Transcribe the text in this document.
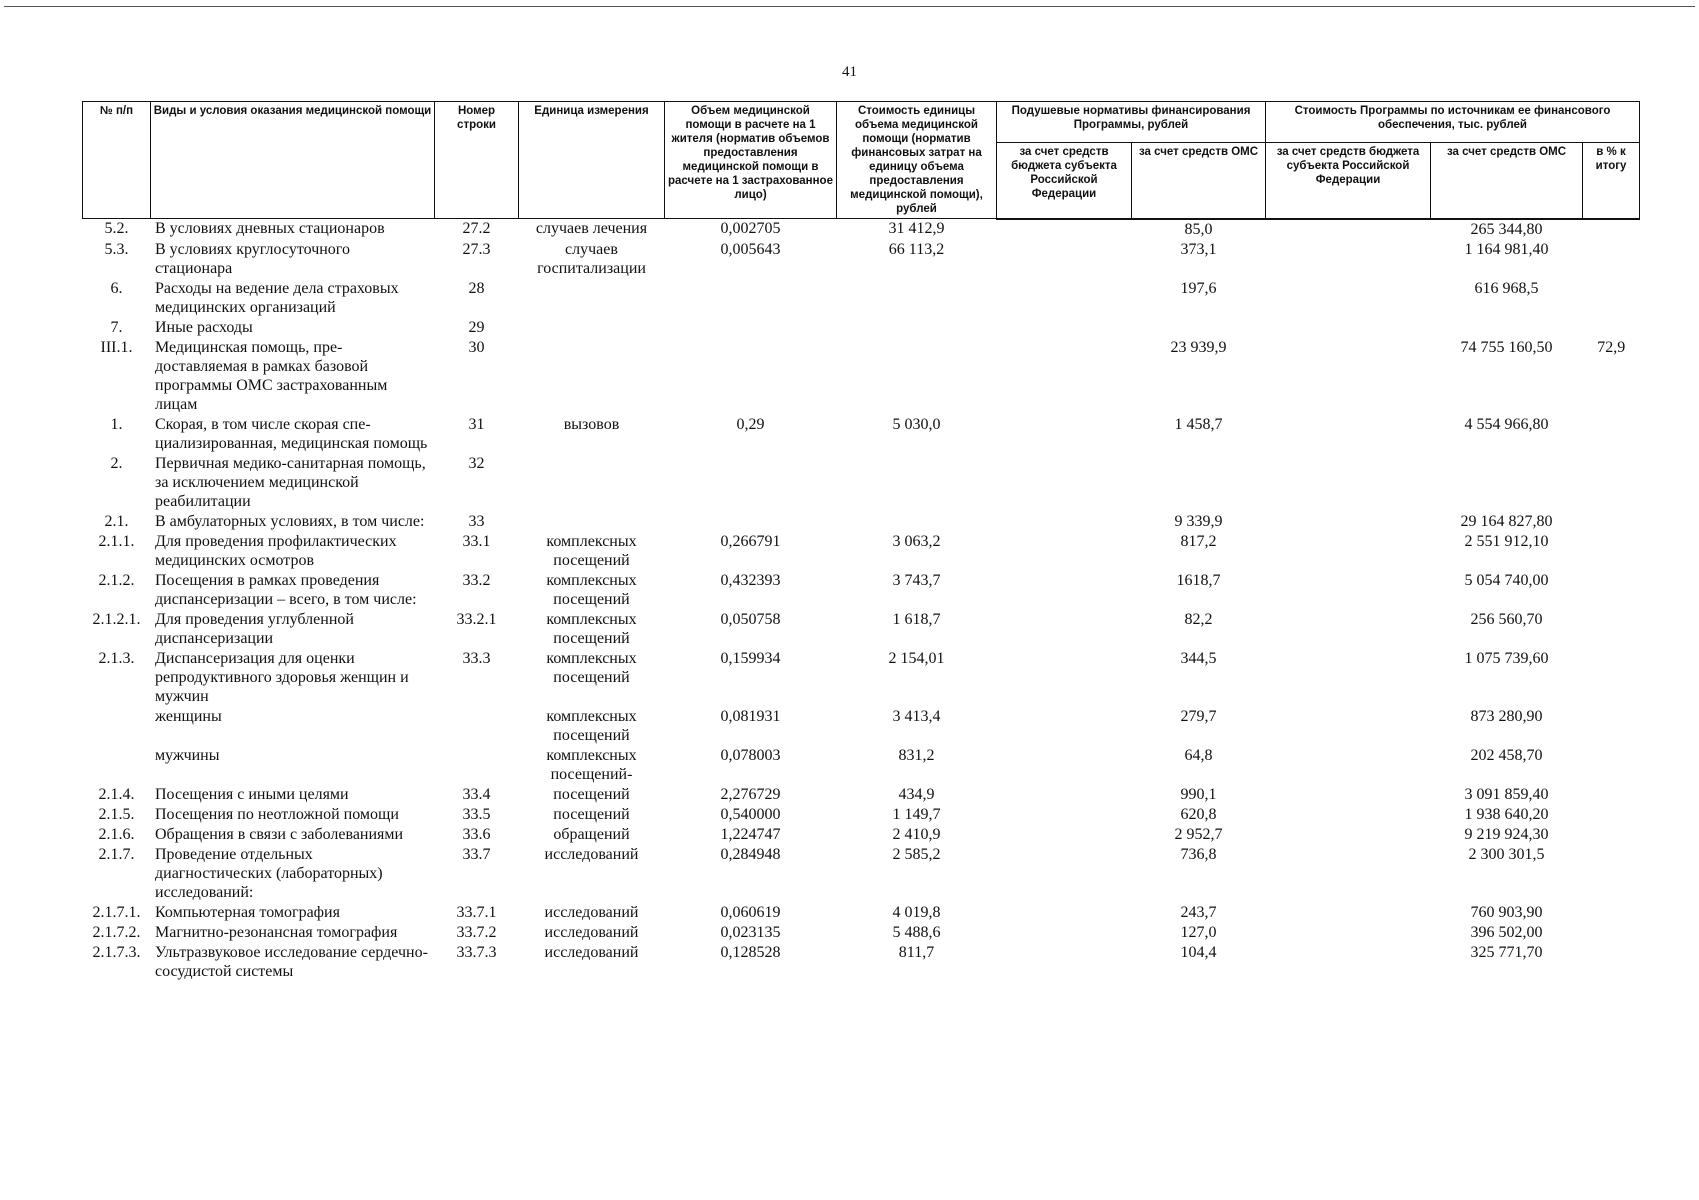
41
№ п/п	Виды и условия оказания медицинской помощи	Номер строки	Единица измерения	Объем медицинской помощи в расчете на 1 жителя (норматив объемов предоставления медицинской помощи в расчете на 1 застрахованное лицо)	Стоимость единицы объема медицинской помощи (норматив финансовых затрат на единицу объема предоставления медицинской помощи), рублей	Подушевые нормативы финансирования Программы, рублей		Стоимость Программы по источникам ее финансового обеспечения, тыс. рублей		
						за счет средств бюджета субъекта Российской Федерации	за счет средств ОМС	за счет средств бюджета субъекта Российской Федерации	за счет средств ОМС	в % к итогу
5.2.	В условиях дневных стационаров	27.2	случаев лечения	0,002705	31 412,9		85,0		265 344,80	
5.3.	В условиях круглосуточного стационара	27.3	случаев госпитализации	0,005643	66 113,2		373,1		1 164 981,40	
6.	Расходы на ведение дела страховых медицинских организаций	28					197,6		616 968,5	
7.	Иные расходы	29								
III.1.	Медицинская помощь, пре-доставляемая в рамках базовой программы ОМС застрахованным лицам	30					23 939,9		74 755 160,50	72,9
1.	Скорая, в том числе скорая спе-циализированная, медицинская помощь	31	вызовов	0,29	5 030,0		1 458,7		4 554 966,80	
2.	Первичная медико-санитарная помощь, за исключением медицинской реабилитации	32								
2.1.	В амбулаторных условиях, в том числе:	33					9 339,9		29 164 827,80	
2.1.1.	Для проведения профилактических медицинских осмотров	33.1	комплексных посещений	0,266791	3 063,2		817,2		2 551 912,10	
2.1.2.	Посещения в рамках проведения диспансеризации – всего, в том числе:	33.2	комплексных посещений	0,432393	3 743,7		1618,7		5 054 740,00	
2.1.2.1.	Для проведения углубленной диспансеризации	33.2.1	комплексных посещений	0,050758	1 618,7		82,2		256 560,70	
2.1.3.	Диспансеризация для оценки репродуктивного здоровья женщин и мужчин	33.3	комплексных посещений	0,159934	2 154,01		344,5		1 075 739,60	
	женщины		комплексных посещений	0,081931	3 413,4		279,7		873 280,90	
	мужчины		комплексных посещений-	0,078003	831,2		64,8		202 458,70	
2.1.4.	Посещения с иными целями	33.4	посещений	2,276729	434,9		990,1		3 091 859,40	
2.1.5.	Посещения по неотложной помощи	33.5	посещений	0,540000	1 149,7		620,8		1 938 640,20	
2.1.6.	Обращения в связи с заболеваниями	33.6	обращений	1,224747	2 410,9		2 952,7		9 219 924,30	
2.1.7.	Проведение отдельных диагностических (лабораторных) исследований:	33.7	исследований	0,284948	2 585,2		736,8		2 300 301,5	
2.1.7.1.	Компьютерная томография	33.7.1	исследований	0,060619	4 019,8		243,7		760 903,90	
2.1.7.2.	Магнитно-резонансная томография	33.7.2	исследований	0,023135	5 488,6		127,0		396 502,00	
2.1.7.3.	Ультразвуковое исследование сердечно-сосудистой системы	33.7.3	исследований	0,128528	811,7		104,4		325 771,70	
